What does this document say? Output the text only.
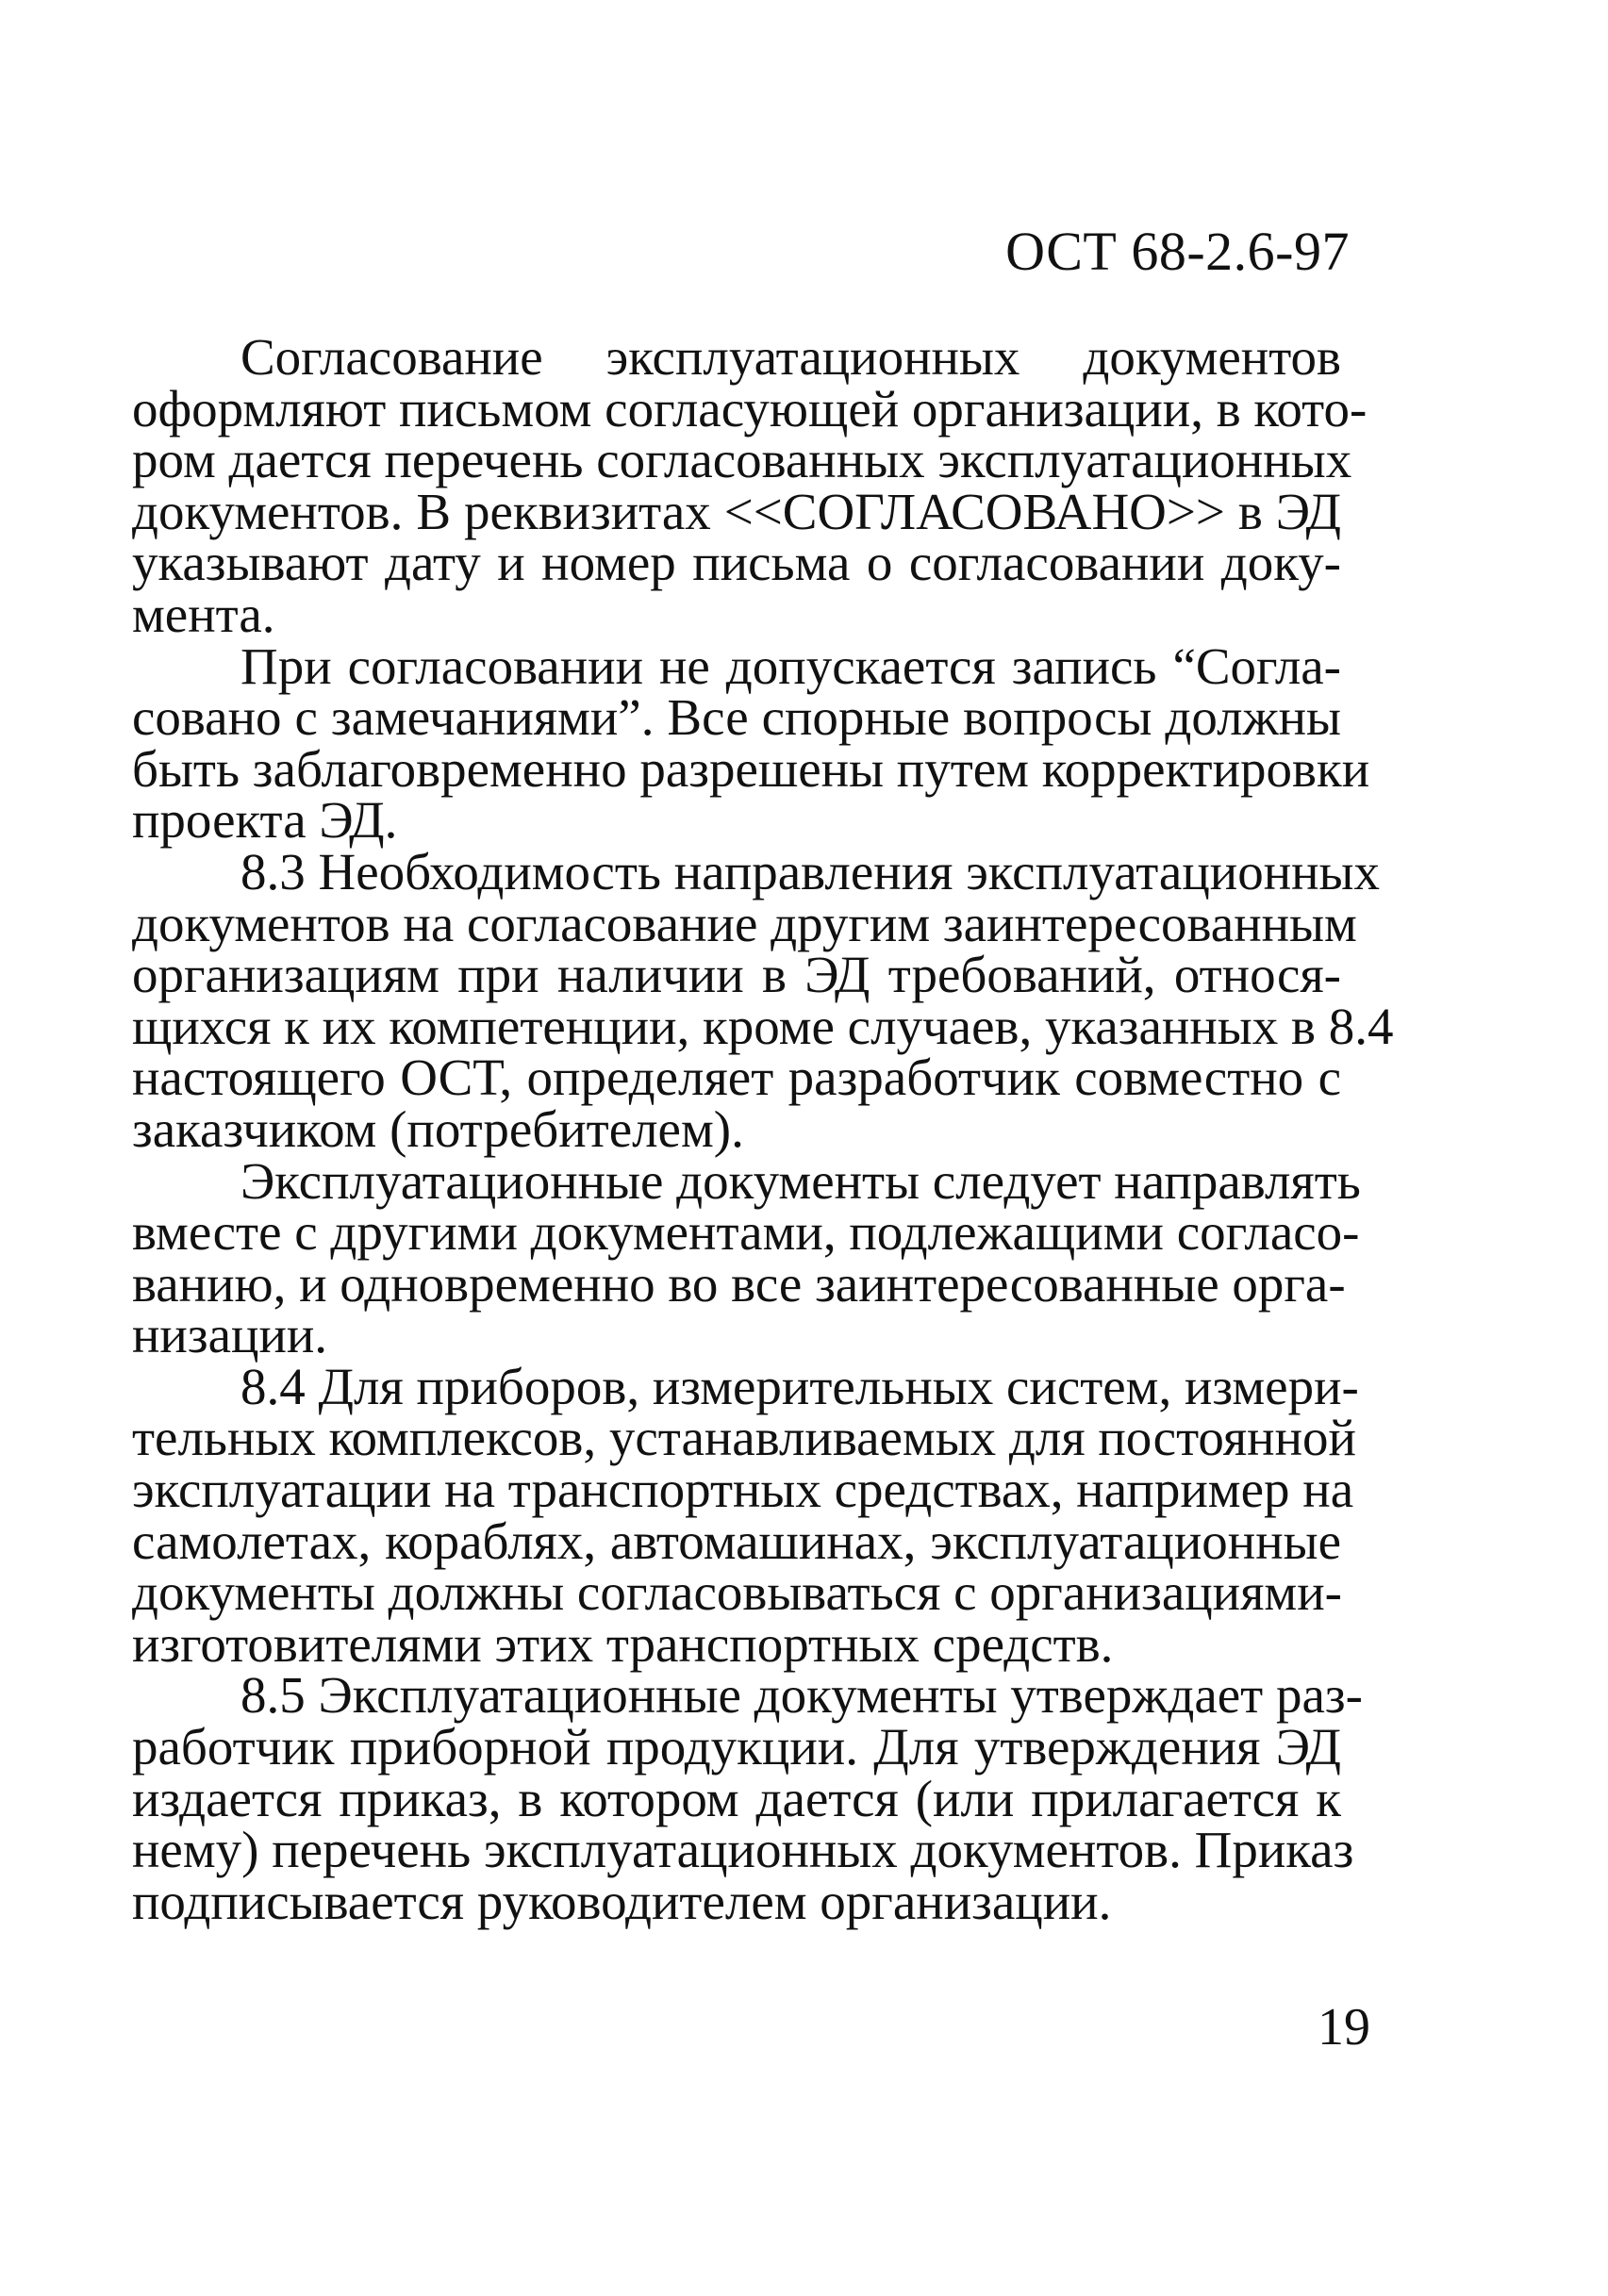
ОСТ 68-2.6-97
Согласование эксплуатационных документов
оформляют письмом согласующей организации, в кото-
ром дается перечень согласованных эксплуатационных
документов. В реквизитах <<СОГЛАСОВАНО>> в ЭД
указывают дату и номер письма о согласовании доку-
мента.
При согласовании не допускается запись “Согла-
совано с замечаниями”. Все спорные вопросы должны
быть заблаговременно разрешены путем корректировки
проекта ЭД.
8.3 Необходимость направления эксплуатационных
документов на согласование другим заинтересованным
организациям при наличии в ЭД требований, относя-
щихся к их компетенции, кроме случаев, указанных в 8.4
настоящего ОСТ, определяет разработчик совместно с
заказчиком (потребителем).
Эксплуатационные документы следует направлять
вместе с другими документами, подлежащими согласо-
ванию, и одновременно во все заинтересованные орга-
низации.
8.4 Для приборов, измерительных систем, измери-
тельных комплексов, устанавливаемых для постоянной
эксплуатации на транспортных средствах, например на
самолетах, кораблях, автомашинах, эксплуатационные
документы должны согласовываться с организациями-
изготовителями этих транспортных средств.
8.5 Эксплуатационные документы утверждает раз-
работчик приборной продукции. Для утверждения ЭД
издается приказ, в котором дается (или прилагается к
нему) перечень эксплуатационных документов. Приказ
подписывается руководителем организации.
19
